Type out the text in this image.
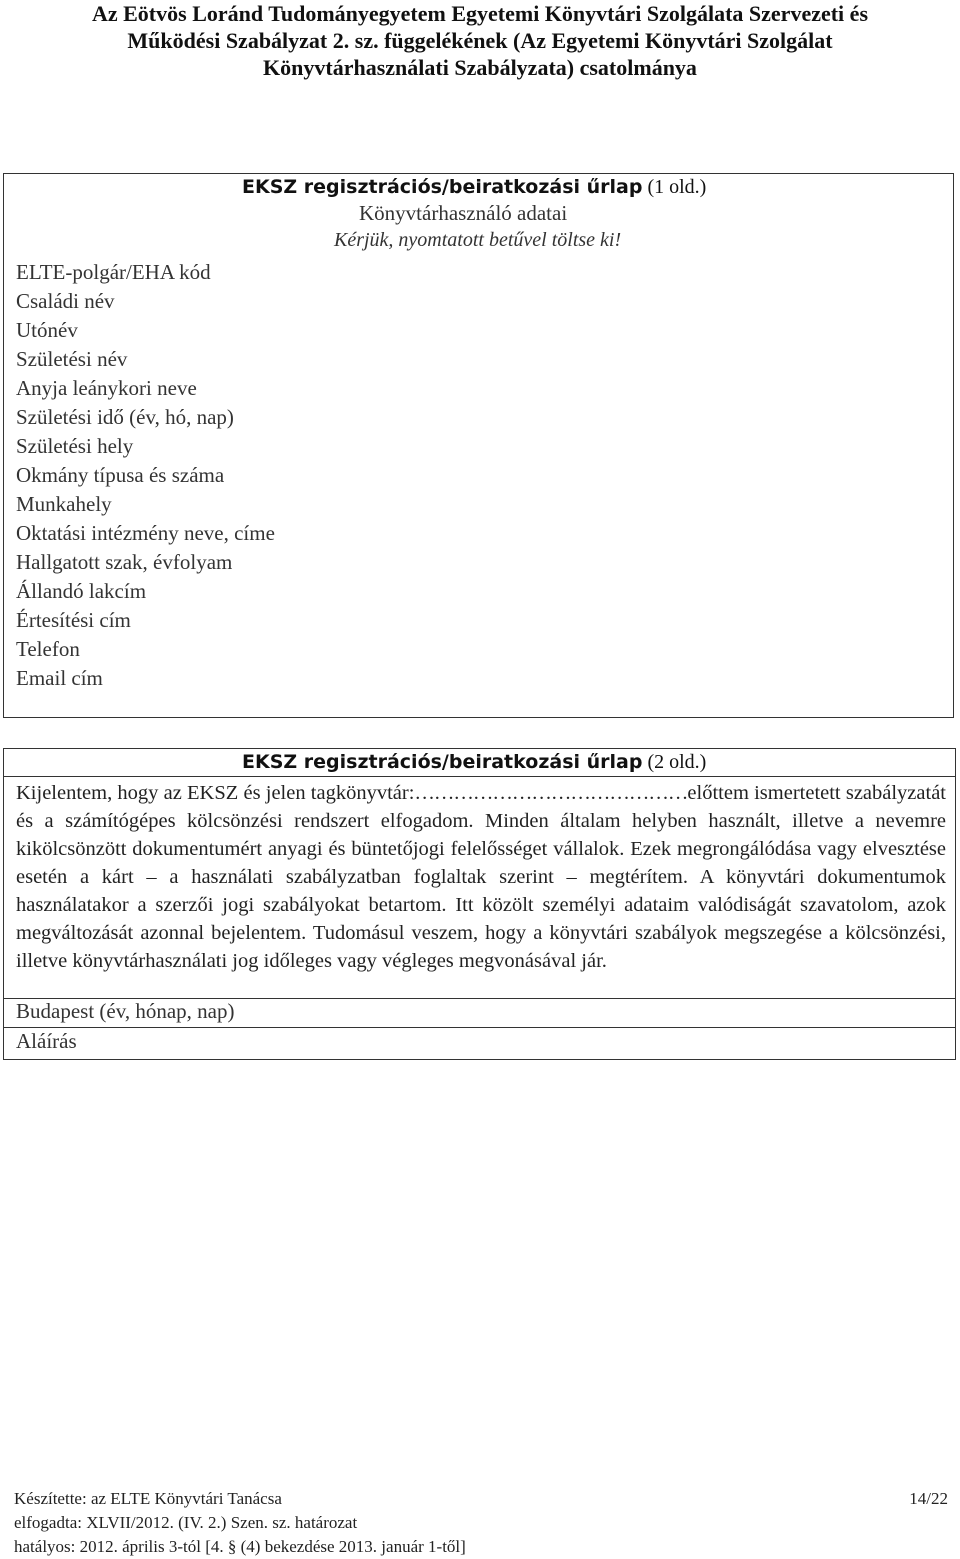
Az Eötvös Loránd Tudományegyetem Egyetemi Könyvtári Szolgálata Szervezeti és
Működési Szabályzat 2. sz. függelékének (Az Egyetemi Könyvtári Szolgálat
Könyvtárhasználati Szabályzata) csatolmánya
EKSZ regisztrációs/beiratkozási űrlap (1 old.)
Könyvtárhasználó adatai
Kérjük, nyomtatott betűvel töltse ki!
ELTE-polgár/EHA kód
Családi név
Utónév
Születési név
Anyja leánykori neve
Születési idő (év, hó, nap)
Születési hely
Okmány típusa és száma
Munkahely
Oktatási intézmény neve, címe
Hallgatott szak, évfolyam
Állandó lakcím
Értesítési cím
Telefon
Email cím
EKSZ regisztrációs/beiratkozási űrlap (2 old.)
Kijelentem, hogy az EKSZ és jelen tagkönyvtár:……………………………………előttem ismertetett szabályzatát és a számítógépes kölcsönzési rendszert elfogadom. Minden általam helyben használt, illetve a nevemre kikölcsönzött dokumentumért anyagi és büntetőjogi felelősséget vállalok. Ezek megrongálódása vagy elvesztése esetén a kárt – a használati szabályzatban foglaltak szerint – megtérítem. A könyvtári dokumentumok használatakor a szerzői jogi szabályokat betartom. Itt közölt személyi adataim valódiságát szavatolom, azok megváltozását azonnal bejelentem. Tudomásul veszem, hogy a könyvtári szabályok megszegése a kölcsönzési, illetve könyvtárhasználati jog időleges vagy végleges megvonásával jár.
Budapest (év, hónap, nap)
Aláírás
Készítette: az ELTE Könyvtári Tanácsa
elfogadta: XLVII/2012. (IV. 2.) Szen. sz. határozat
hatályos: 2012. április 3-tól [4. § (4) bekezdése 2013. január 1-től]
14/22
